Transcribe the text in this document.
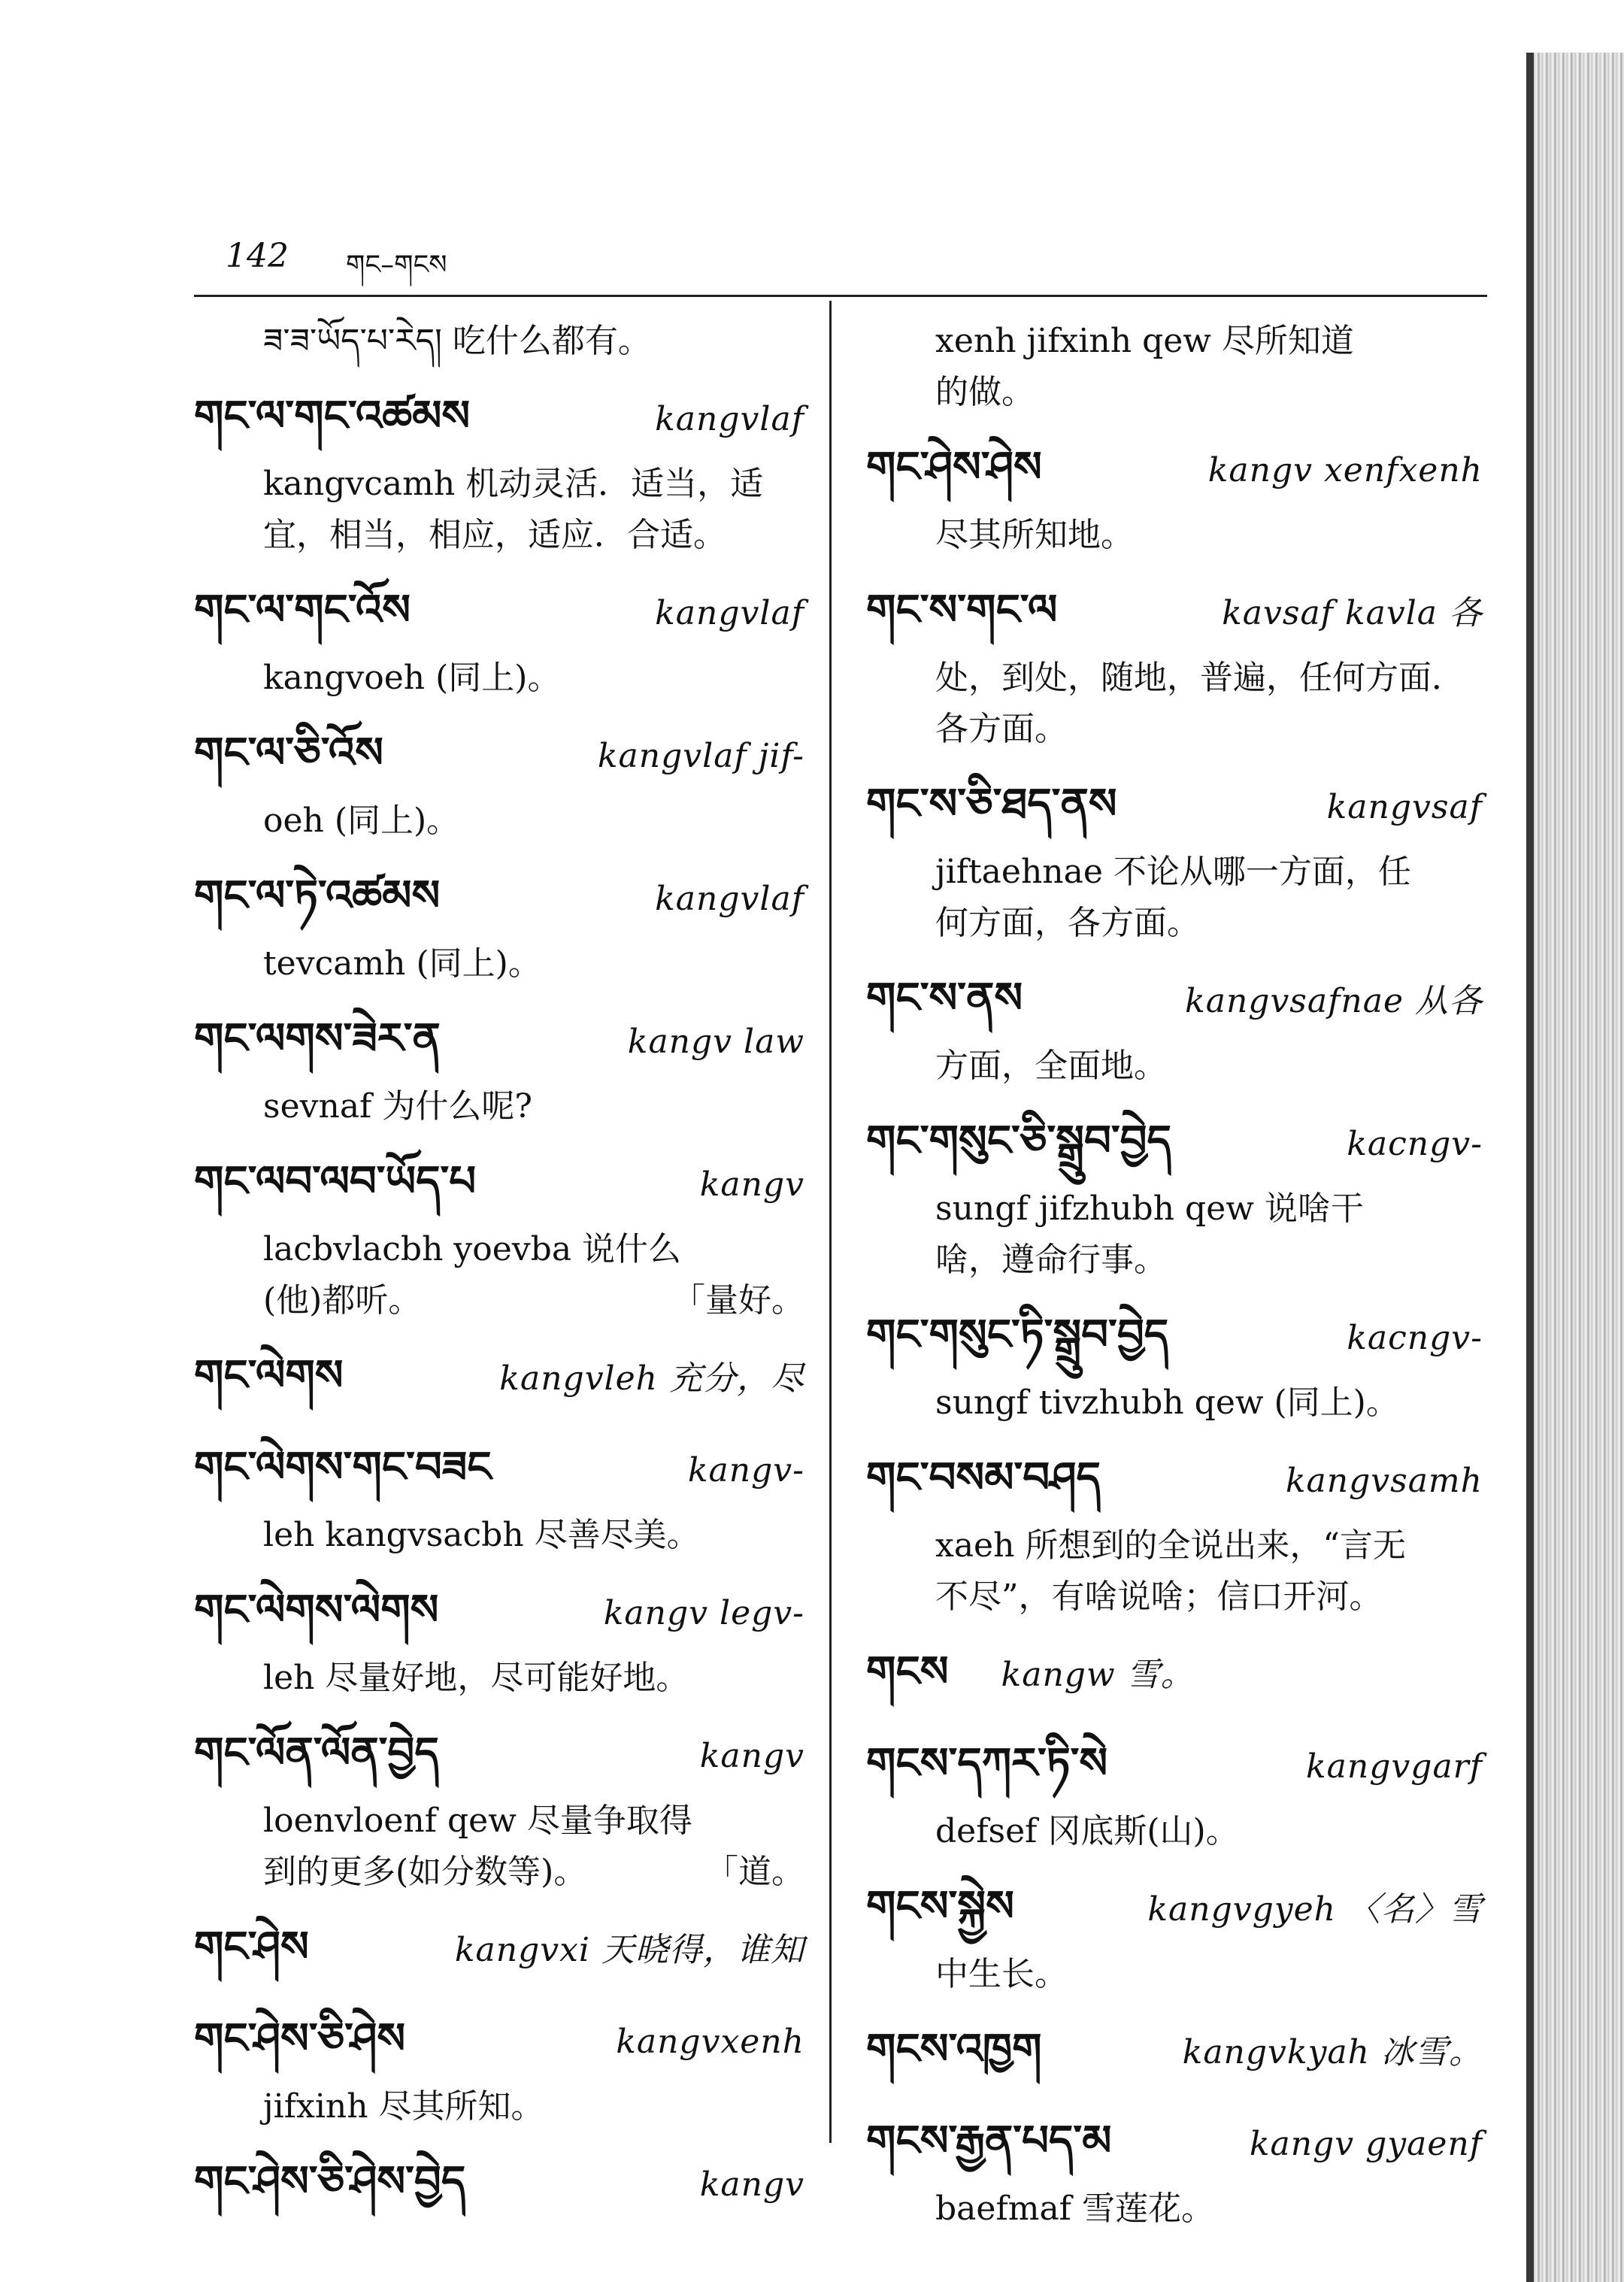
142 གང–གངས
ཟ་ཟ་ཡོད་པ་རེད། 吃什么都有。
གང་ལ་གང་འཚམས	kangvlaf
kangvcamh 机动灵活．适当，适
宜，相当，相应，适应．合适。
གང་ལ་གང་འོས	kangvlaf
kangvoeh (同上)。
གང་ལ་ཅི་འོས	kangvlaf jif-
oeh (同上)。
གང་ལ་ཏེ་འཚམས	kangvlaf
tevcamh (同上)。
གང་ལགས་ཟེར་ན	kangv law
sevnaf 为什么呢?
གང་ལབ་ལབ་ཡོད་པ	kangv
lacbvlacbh yoevba 说什么
(他)都听。	「量好。
གང་ལེགས	kangvleh 充分，尽
གང་ལེགས་གང་བཟང	kangv-
leh kangvsacbh 尽善尽美。
གང་ལེགས་ལེགས	kangv legv-
leh 尽量好地，尽可能好地。
གང་ལོན་ལོན་བྱེད	kangv
loenvloenf qew 尽量争取得
到的更多(如分数等)。	「道。
གང་ཤེས	kangvxi 天晓得，谁知
གང་ཤེས་ཅི་ཤེས	kangvxenh
jifxinh 尽其所知。
གང་ཤེས་ཅི་ཤེས་བྱེད	kangv
xenh jifxinh qew 尽所知道
的做。
གང་ཤེས་ཤེས	kangv xenfxenh
尽其所知地。
གང་ས་གང་ལ	kavsaf kavla 各
处，到处，随地，普遍，任何方面．
各方面。
གང་ས་ཅི་ཐད་ནས	kangvsaf
jiftaehnae 不论从哪一方面，任
何方面，各方面。
གང་ས་ནས	kangvsafnae 从各
方面，全面地。
གང་གསུང་ཅི་སྒྲུབ་བྱེད	kacngv-
sungf jifzhubh qew 说啥干
啥，遵命行事。
གང་གསུང་ཏི་སྒྲུབ་བྱེད	kacngv-
sungf tivzhubh qew (同上)。
གང་བསམ་བཤད	kangvsamh
xaeh 所想到的全说出来，“言无
不尽”，有啥说啥；信口开河。
གངས kangw 雪。
གངས་དཀར་ཏི་སེ	kangvgarf
defsef 冈底斯(山)。
གངས་སྐྱེས	kangvgyeh 〈名〉雪
中生长。
གངས་འཁྱག	kangvkyah 冰雪。
གངས་རྒྱན་པད་མ	kangv gyaenf
baefmaf 雪莲花。
